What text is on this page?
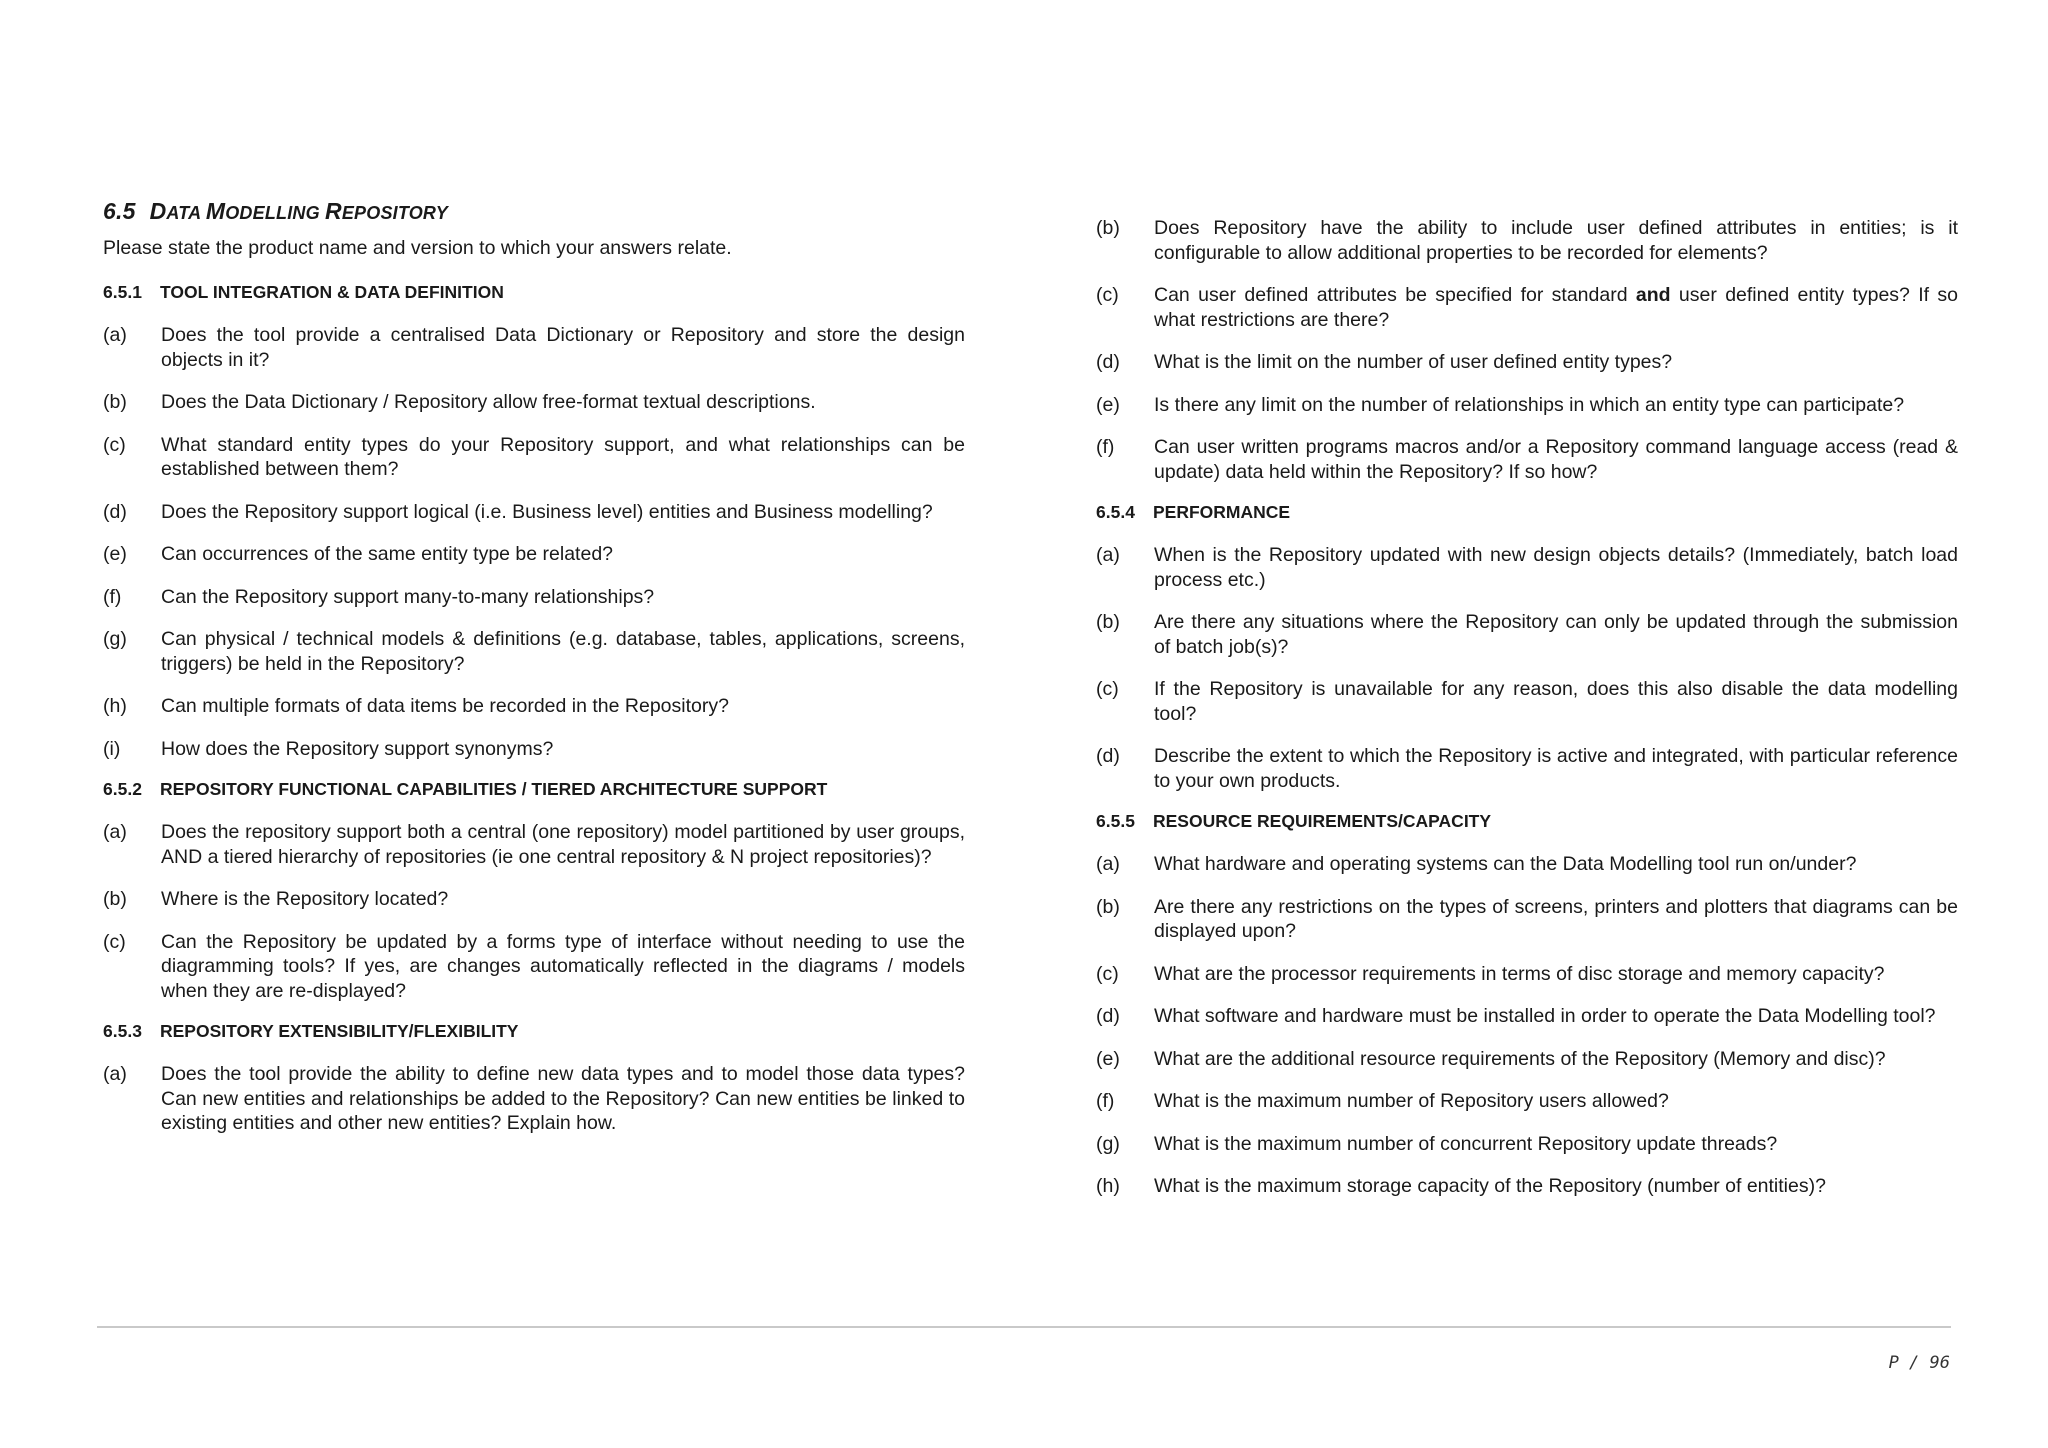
6.5 DATA MODELLING REPOSITORY

Please state the product name and version to which your answers relate.

6.5.1	TOOL INTEGRATION & DATA DEFINITION
(a)	Does the tool provide a centralised Data Dictionary or Repository and store the design objects in it?
(b)	Does the Data Dictionary / Repository allow free-format textual descriptions.
(c)	What standard entity types do your Repository support, and what relationships can be established between them?
(d)	Does the Repository support logical (i.e. Business level) entities and Business modelling?
(e)	Can occurrences of the same entity type be related?
(f)	Can the Repository support many-to-many relationships?
(g)	Can physical / technical models & definitions (e.g. database, tables, applications, screens, triggers) be held in the Repository?
(h)	Can multiple formats of data items be recorded in the Repository?
(i)	How does the Repository support synonyms?
6.5.2	REPOSITORY FUNCTIONAL CAPABILITIES / TIERED ARCHITECTURE SUPPORT
(a)	Does the repository support both a central (one repository) model partitioned by user groups, AND a tiered hierarchy of repositories (ie one central repository & N project repositories)?
(b)	Where is the Repository located?
(c)	Can the Repository be updated by a forms type of interface without needing to use the diagramming tools? If yes, are changes automatically reflected in the diagrams / models when they are re-displayed?
6.5.3	REPOSITORY EXTENSIBILITY/FLEXIBILITY
(a)	Does the tool provide the ability to define new data types and to model those data types? Can new entities and relationships be added to the Repository? Can new entities be linked to existing entities and other new entities? Explain how.
(b)	Does Repository have the ability to include user defined attributes in entities; is it configurable to allow additional properties to be recorded for elements?
(c)	Can user defined attributes be specified for standard and user defined entity types? If so what restrictions are there?
(d)	What is the limit on the number of user defined entity types?
(e)	Is there any limit on the number of relationships in which an entity type can participate?
(f)	Can user written programs macros and/or a Repository command language access (read & update) data held within the Repository? If so how?
6.5.4	PERFORMANCE
(a)	When is the Repository updated with new design objects details? (Immediately, batch load process etc.)
(b)	Are there any situations where the Repository can only be updated through the submission of batch job(s)?
(c)	If the Repository is unavailable for any reason, does this also disable the data modelling tool?
(d)	Describe the extent to which the Repository is active and integrated, with particular reference to your own products.
6.5.5	RESOURCE REQUIREMENTS/CAPACITY
(a)	What hardware and operating systems can the Data Modelling tool run on/under?
(b)	Are there any restrictions on the types of screens, printers and plotters that diagrams can be displayed upon?
(c)	What are the processor requirements in terms of disc storage and memory capacity?
(d)	What software and hardware must be installed in order to operate the Data Modelling tool?
(e)	What are the additional resource requirements of the Repository (Memory and disc)?
(f)	What is the maximum number of Repository users allowed?
(g)	What is the maximum number of concurrent Repository update threads?
(h)	What is the maximum storage capacity of the Repository (number of entities)?
P / 96
